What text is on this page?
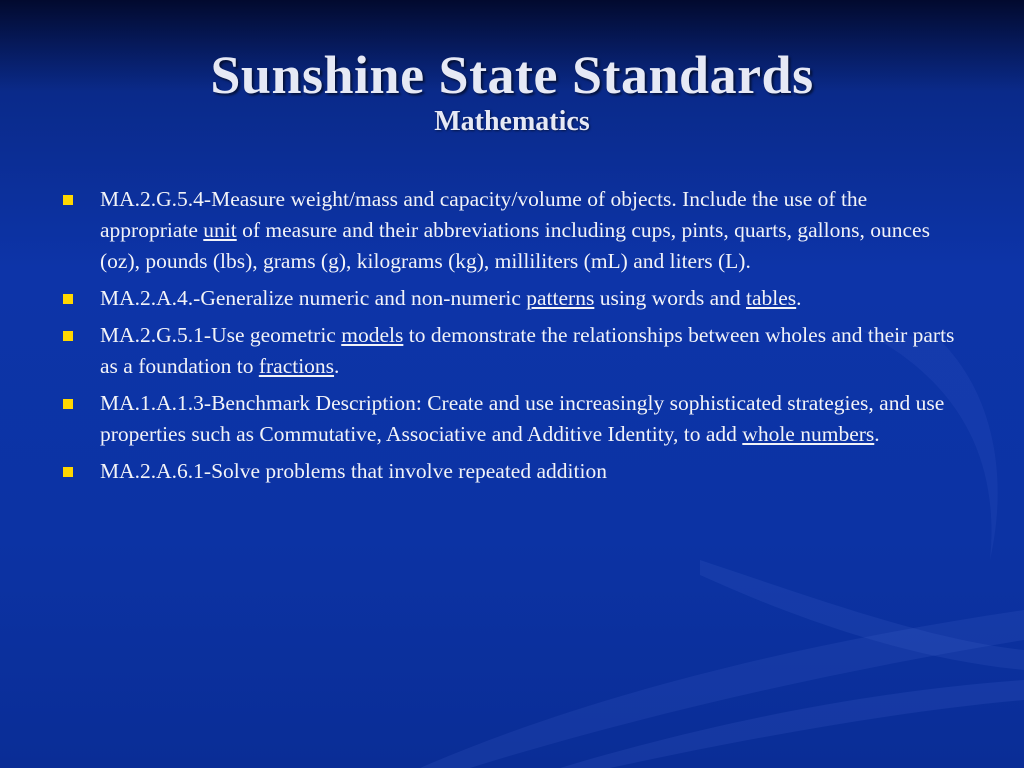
Sunshine State Standards
Mathematics
MA.2.G.5.4-Measure weight/mass and capacity/volume of objects. Include the use of the appropriate unit of measure and their abbreviations including cups, pints, quarts, gallons, ounces (oz), pounds (lbs), grams (g), kilograms (kg), milliliters (mL) and liters (L).
MA.2.A.4.-Generalize numeric and non-numeric patterns using words and tables.
MA.2.G.5.1-Use geometric models to demonstrate the relationships between wholes and their parts as a foundation to fractions.
MA.1.A.1.3-Benchmark Description: Create and use increasingly sophisticated strategies, and use properties such as Commutative, Associative and Additive Identity, to add whole numbers.
MA.2.A.6.1-Solve problems that involve repeated addition
